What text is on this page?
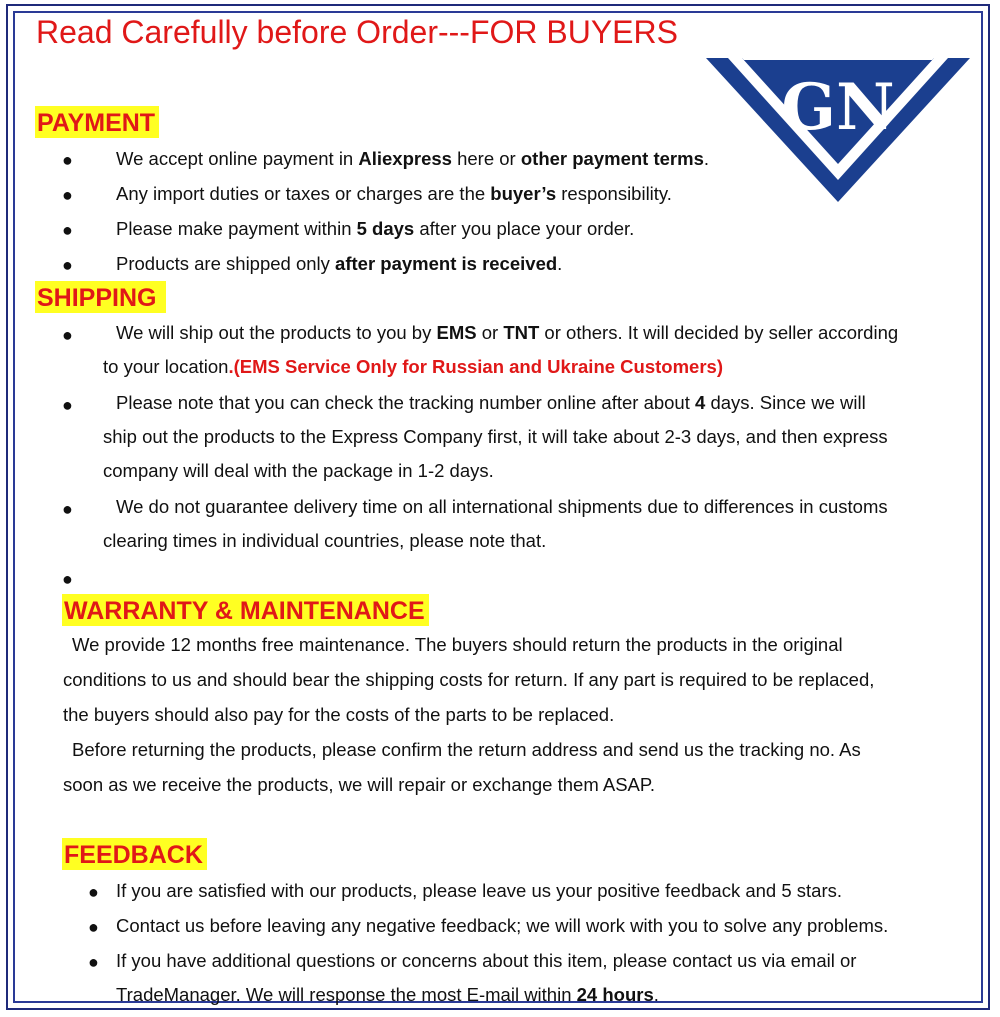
Read Carefully before Order---FOR BUYERS
GN
PAYMENT
● We accept online payment in Aliexpress here or other payment terms.
● Any import duties or taxes or charges are the buyer’s responsibility.
● Please make payment within 5 days after you place your order.
● Products are shipped only after payment is received.
SHIPPING
● We will ship out the products to you by EMS or TNT or others. It will decided by seller according
to your location.(EMS Service Only for Russian and Ukraine Customers)
● Please note that you can check the tracking number online after about 4 days. Since we will
ship out the products to the Express Company first, it will take about 2-3 days, and then express
company will deal with the package in 1-2 days.
● We do not guarantee delivery time on all international shipments due to differences in customs
clearing times in individual countries, please note that.
●
WARRANTY & MAINTENANCE
We provide 12 months free maintenance. The buyers should return the products in the original
conditions to us and should bear the shipping costs for return. If any part is required to be replaced,
the buyers should also pay for the costs of the parts to be replaced.
Before returning the products, please confirm the return address and send us the tracking no. As
soon as we receive the products, we will repair or exchange them ASAP.
FEEDBACK
● If you are satisfied with our products, please leave us your positive feedback and 5 stars.
● Contact us before leaving any negative feedback; we will work with you to solve any problems.
● If you have additional questions or concerns about this item, please contact us via email or
TradeManager. We will response the most E-mail within 24 hours.
